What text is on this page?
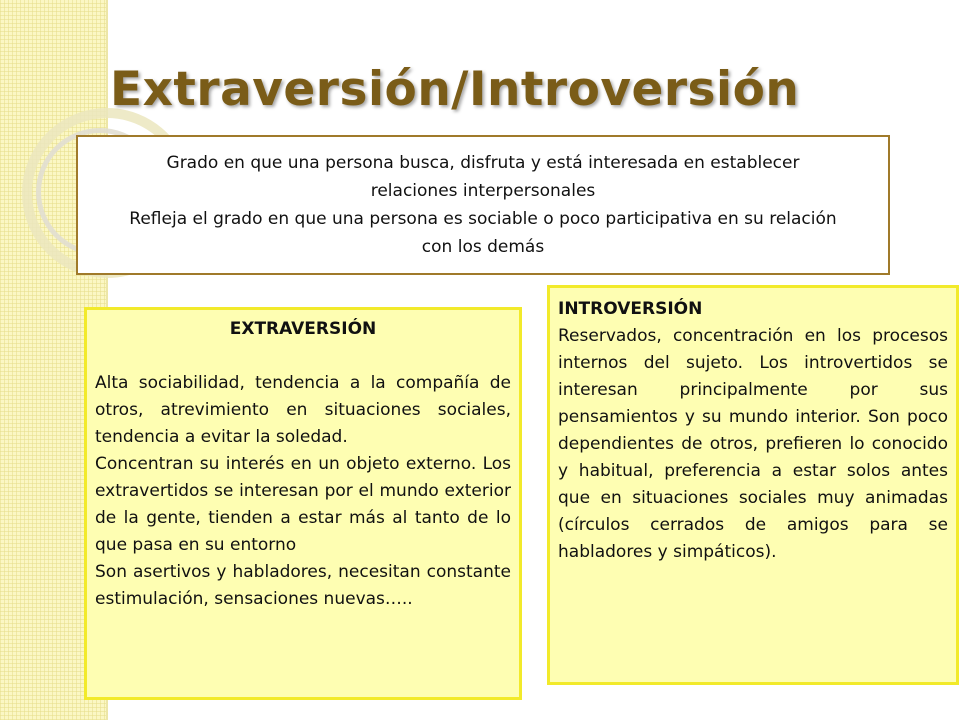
Extraversión/Introversión
Grado en que una persona busca, disfruta y está interesada en establecer relaciones interpersonales
Refleja el grado en que una persona es sociable o poco participativa en su relación con los demás
EXTRAVERSIÓN
Alta sociabilidad, tendencia a la compañía de otros, atrevimiento en situaciones sociales, tendencia a evitar la soledad.
Concentran su interés en un objeto externo. Los extravertidos se interesan por el mundo exterior de la gente, tienden a estar más al tanto de lo que pasa en su entorno
Son asertivos y habladores, necesitan constante estimulación, sensaciones nuevas…..
INTROVERSIÓN
Reservados, concentración en los procesos internos del sujeto. Los introvertidos se interesan principalmente por sus pensamientos y su mundo interior. Son poco dependientes de otros, prefieren lo conocido y habitual, preferencia a estar solos antes que en situaciones sociales muy animadas (círculos cerrados de amigos para se habladores y simpáticos).
